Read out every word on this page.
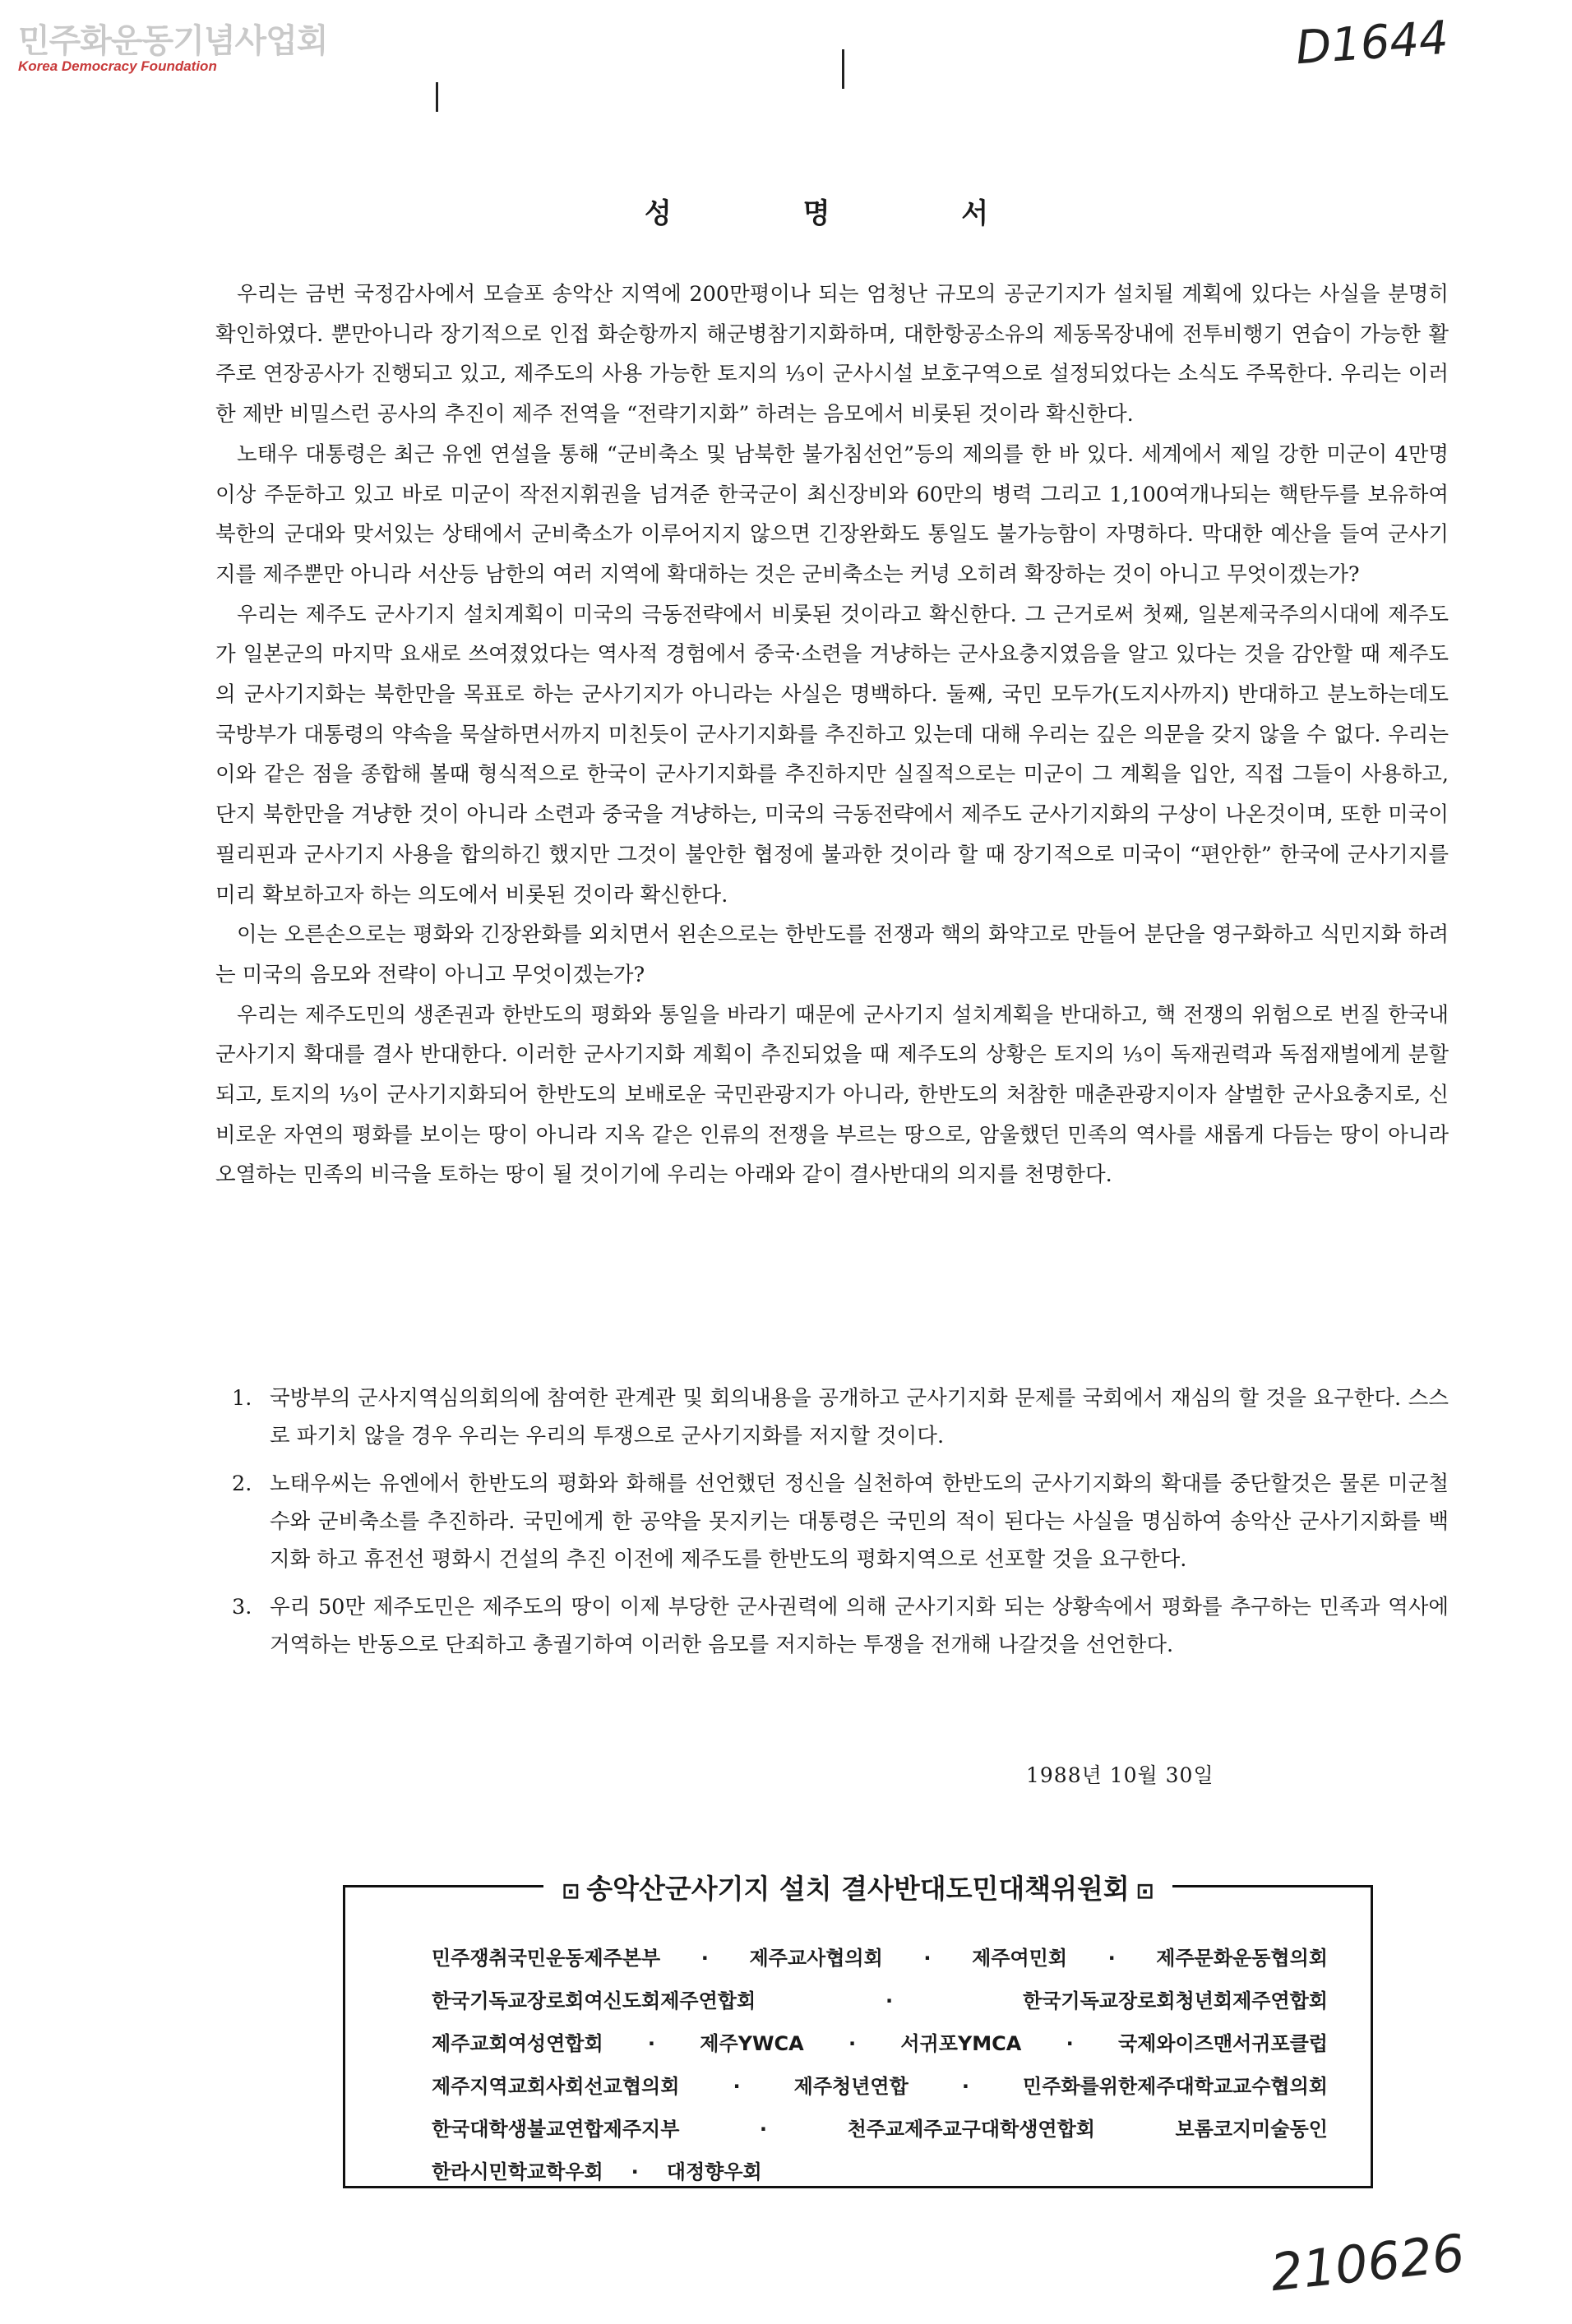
민주화운동기념사업회
Korea Democracy Foundation	D1644
성 명 서

우리는 금번 국정감사에서 모슬포 송악산 지역에 200만평이나 되는 엄청난 규모의 공군기지가 설치될 계획에 있다는 사실을 분명히 확인하였다. 뿐만아니라 장기적으로 인접 화순항까지 해군병참기지화하며, 대한항공소유의 제동목장내에 전투비행기 연습이 가능한 활주로 연장공사가 진행되고 있고, 제주도의 사용 가능한 토지의 ⅓이 군사시설 보호구역으로 설정되었다는 소식도 주목한다. 우리는 이러한 제반 비밀스런 공사의 추진이 제주 전역을 “전략기지화” 하려는 음모에서 비롯된 것이라 확신한다.

노태우 대통령은 최근 유엔 연설을 통해 “군비축소 및 남북한 불가침선언”등의 제의를 한 바 있다. 세계에서 제일 강한 미군이 4만명 이상 주둔하고 있고 바로 미군이 작전지휘권을 넘겨준 한국군이 최신장비와 60만의 병력 그리고 1,100여개나되는 핵탄두를 보유하여 북한의 군대와 맞서있는 상태에서 군비축소가 이루어지지 않으면 긴장완화도 통일도 불가능함이 자명하다. 막대한 예산을 들여 군사기지를 제주뿐만 아니라 서산등 남한의 여러 지역에 확대하는 것은 군비축소는 커녕 오히려 확장하는 것이 아니고 무엇이겠는가?

우리는 제주도 군사기지 설치계획이 미국의 극동전략에서 비롯된 것이라고 확신한다. 그 근거로써 첫째, 일본제국주의시대에 제주도가 일본군의 마지막 요새로 쓰여졌었다는 역사적 경험에서 중국·소련을 겨냥하는 군사요충지였음을 알고 있다는 것을 감안할 때 제주도의 군사기지화는 북한만을 목표로 하는 군사기지가 아니라는 사실은 명백하다. 둘째, 국민 모두가(도지사까지) 반대하고 분노하는데도 국방부가 대통령의 약속을 묵살하면서까지 미친듯이 군사기지화를 추진하고 있는데 대해 우리는 깊은 의문을 갖지 않을 수 없다. 우리는 이와 같은 점을 종합해 볼때 형식적으로 한국이 군사기지화를 추진하지만 실질적으로는 미군이 그 계획을 입안, 직접 그들이 사용하고, 단지 북한만을 겨냥한 것이 아니라 소련과 중국을 겨냥하는, 미국의 극동전략에서 제주도 군사기지화의 구상이 나온것이며, 또한 미국이 필리핀과 군사기지 사용을 합의하긴 했지만 그것이 불안한 협정에 불과한 것이라 할 때 장기적으로 미국이 “편안한” 한국에 군사기지를 미리 확보하고자 하는 의도에서 비롯된 것이라 확신한다.

이는 오른손으로는 평화와 긴장완화를 외치면서 왼손으로는 한반도를 전쟁과 핵의 화약고로 만들어 분단을 영구화하고 식민지화 하려는 미국의 음모와 전략이 아니고 무엇이겠는가?

우리는 제주도민의 생존권과 한반도의 평화와 통일을 바라기 때문에 군사기지 설치계획을 반대하고, 핵 전쟁의 위험으로 번질 한국내 군사기지 확대를 결사 반대한다. 이러한 군사기지화 계획이 추진되었을 때 제주도의 상황은 토지의 ⅓이 독재권력과 독점재벌에게 분할되고, 토지의 ⅓이 군사기지화되어 한반도의 보배로운 국민관광지가 아니라, 한반도의 처참한 매춘관광지이자 살벌한 군사요충지로, 신비로운 자연의 평화를 보이는 땅이 아니라 지옥 같은 인류의 전쟁을 부르는 땅으로, 암울했던 민족의 역사를 새롭게 다듬는 땅이 아니라 오열하는 민족의 비극을 토하는 땅이 될 것이기에 우리는 아래와 같이 결사반대의 의지를 천명한다.

1. 국방부의 군사지역심의회의에 참여한 관계관 및 회의내용을 공개하고 군사기지화 문제를 국회에서 재심의 할 것을 요구한다. 스스로 파기치 않을 경우 우리는 우리의 투쟁으로 군사기지화를 저지할 것이다.
2. 노태우씨는 유엔에서 한반도의 평화와 화해를 선언했던 정신을 실천하여 한반도의 군사기지화의 확대를 중단할것은 물론 미군철수와 군비축소를 추진하라. 국민에게 한 공약을 못지키는 대통령은 국민의 적이 된다는 사실을 명심하여 송악산 군사기지화를 백지화 하고 휴전선 평화시 건설의 추진 이전에 제주도를 한반도의 평화지역으로 선포할 것을 요구한다.
3. 우리 50만 제주도민은 제주도의 땅이 이제 부당한 군사권력에 의해 군사기지화 되는 상황속에서 평화를 추구하는 민족과 역사에 거역하는 반동으로 단죄하고 총궐기하여 이러한 음모를 저지하는 투쟁을 전개해 나갈것을 선언한다.
1988년 10월 30일
⊡ 송악산군사기지 설치 결사반대도민대책위원회 ⊡
민주쟁취국민운동제주본부 · 제주교사협의회 · 제주여민회 · 제주문화운동협의회
한국기독교장로회여신도회제주연합회	·	한국기독교장로회청년회제주연합회
제주교회여성연합회 · 제주YWCA · 서귀포YMCA · 국제와이즈맨서귀포클럽
제주지역교회사회선교협의회	·	제주청년연합	·	민주화를위한제주대학교교수협의회
한국대학생불교연합제주지부	·	천주교제주교구대학생연합회	보롬코지미술동인
한라시민학교학우회 · 대정향우회
210626
